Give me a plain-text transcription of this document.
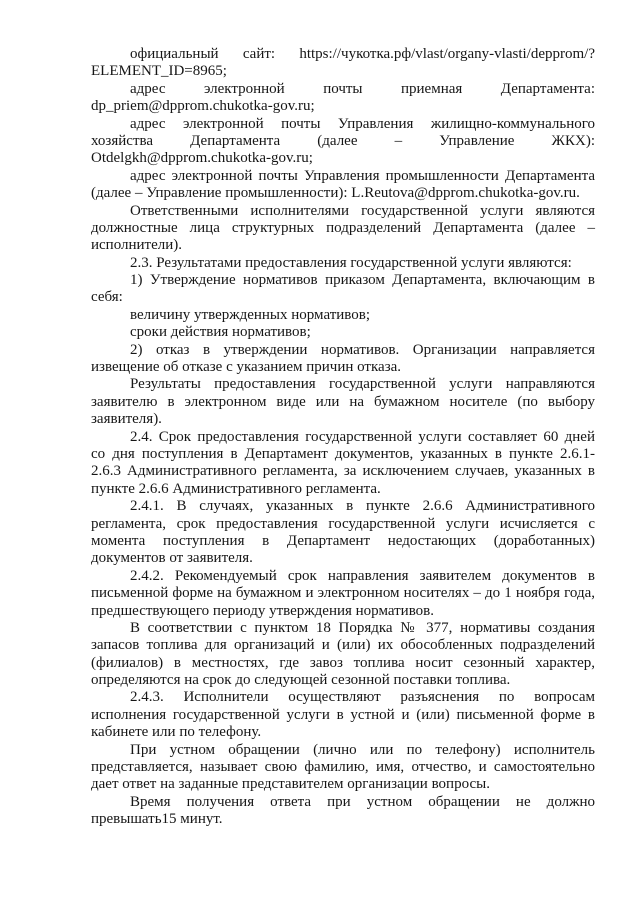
официальный сайт: https://чукотка.рф/vlast/organy-vlasti/depprom/?
ELEMENT_ID=8965;
адрес электронной почты приемная Департамента:
dp_priem@dpprom.chukotka-gov.ru;
адрес электронной почты Управления жилищно-коммунального
хозяйства Департамента (далее – Управление ЖКХ):
Otdelgkh@dpprom.chukotka-gov.ru;
адрес электронной почты Управления промышленности Департамента
(далее – Управление промышленности): L.Reutova@dpprom.chukotka-gov.ru.
Ответственными исполнителями государственной услуги являются
должностные лица структурных подразделений Департамента (далее –
исполнители).
2.3. Результатами предоставления государственной услуги являются:
1) Утверждение нормативов приказом Департамента, включающим в
себя:
величину утвержденных нормативов;
сроки действия нормативов;
2) отказ в утверждении нормативов. Организации направляется
извещение об отказе с указанием причин отказа.
Результаты предоставления государственной услуги направляются
заявителю в электронном виде или на бумажном носителе (по выбору
заявителя).
2.4. Срок предоставления государственной услуги составляет 60 дней
со дня поступления в Департамент документов, указанных в пункте 2.6.1-
2.6.3 Административного регламента, за исключением случаев, указанных в
пункте 2.6.6 Административного регламента.
2.4.1. В случаях, указанных в пункте 2.6.6 Административного
регламента, срок предоставления государственной услуги исчисляется с
момента поступления в Департамент недостающих (доработанных)
документов от заявителя.
2.4.2. Рекомендуемый срок направления заявителем документов в
письменной форме на бумажном и электронном носителях – до 1 ноября года,
предшествующего периоду утверждения нормативов.
В соответствии с пунктом 18 Порядка № 377, нормативы создания
запасов топлива для организаций и (или) их обособленных подразделений
(филиалов) в местностях, где завоз топлива носит сезонный характер,
определяются на срок до следующей сезонной поставки топлива.
2.4.3. Исполнители осуществляют разъяснения по вопросам
исполнения государственной услуги в устной и (или) письменной форме в
кабинете или по телефону.
При устном обращении (лично или по телефону) исполнитель
представляется, называет свою фамилию, имя, отчество, и самостоятельно
дает ответ на заданные представителем организации вопросы.
Время получения ответа при устном обращении не должно
превышать15 минут.
